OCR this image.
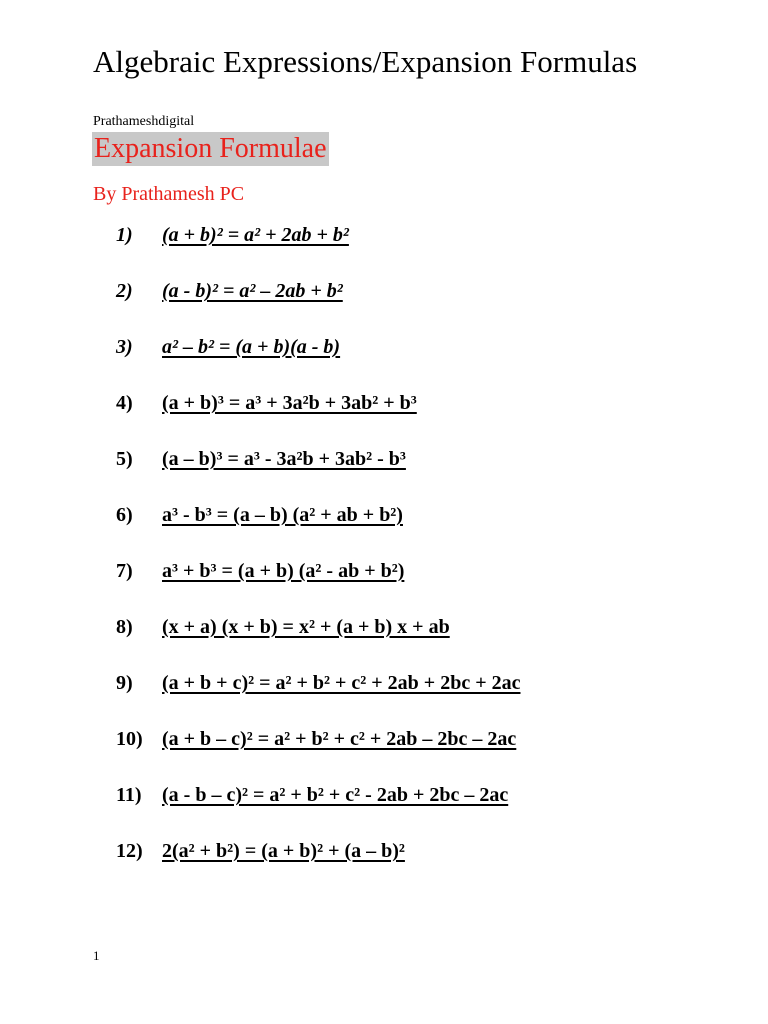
Algebraic Expressions/Expansion Formulas
Prathameshdigital
Expansion Formulae
By Prathamesh PC
1) (a + b)² = a² + 2ab + b²
2) (a - b)² = a² – 2ab + b²
3) a² – b² = (a + b)(a - b)
4) (a + b)³ = a³ + 3a²b + 3ab² + b³
5) (a – b)³ = a³ - 3a²b + 3ab² - b³
6) a³ - b³ = (a – b) (a² + ab + b²)
7) a³ + b³ = (a + b) (a² - ab + b²)
8) (x + a) (x + b) = x² + (a + b) x + ab
9) (a + b + c)² = a² + b² + c² + 2ab + 2bc + 2ac
10) (a + b – c)² = a² + b² + c² + 2ab – 2bc – 2ac
11) (a - b – c)² = a² + b² + c² - 2ab + 2bc – 2ac
12) 2(a² + b²) = (a + b)² + (a – b)²
1
